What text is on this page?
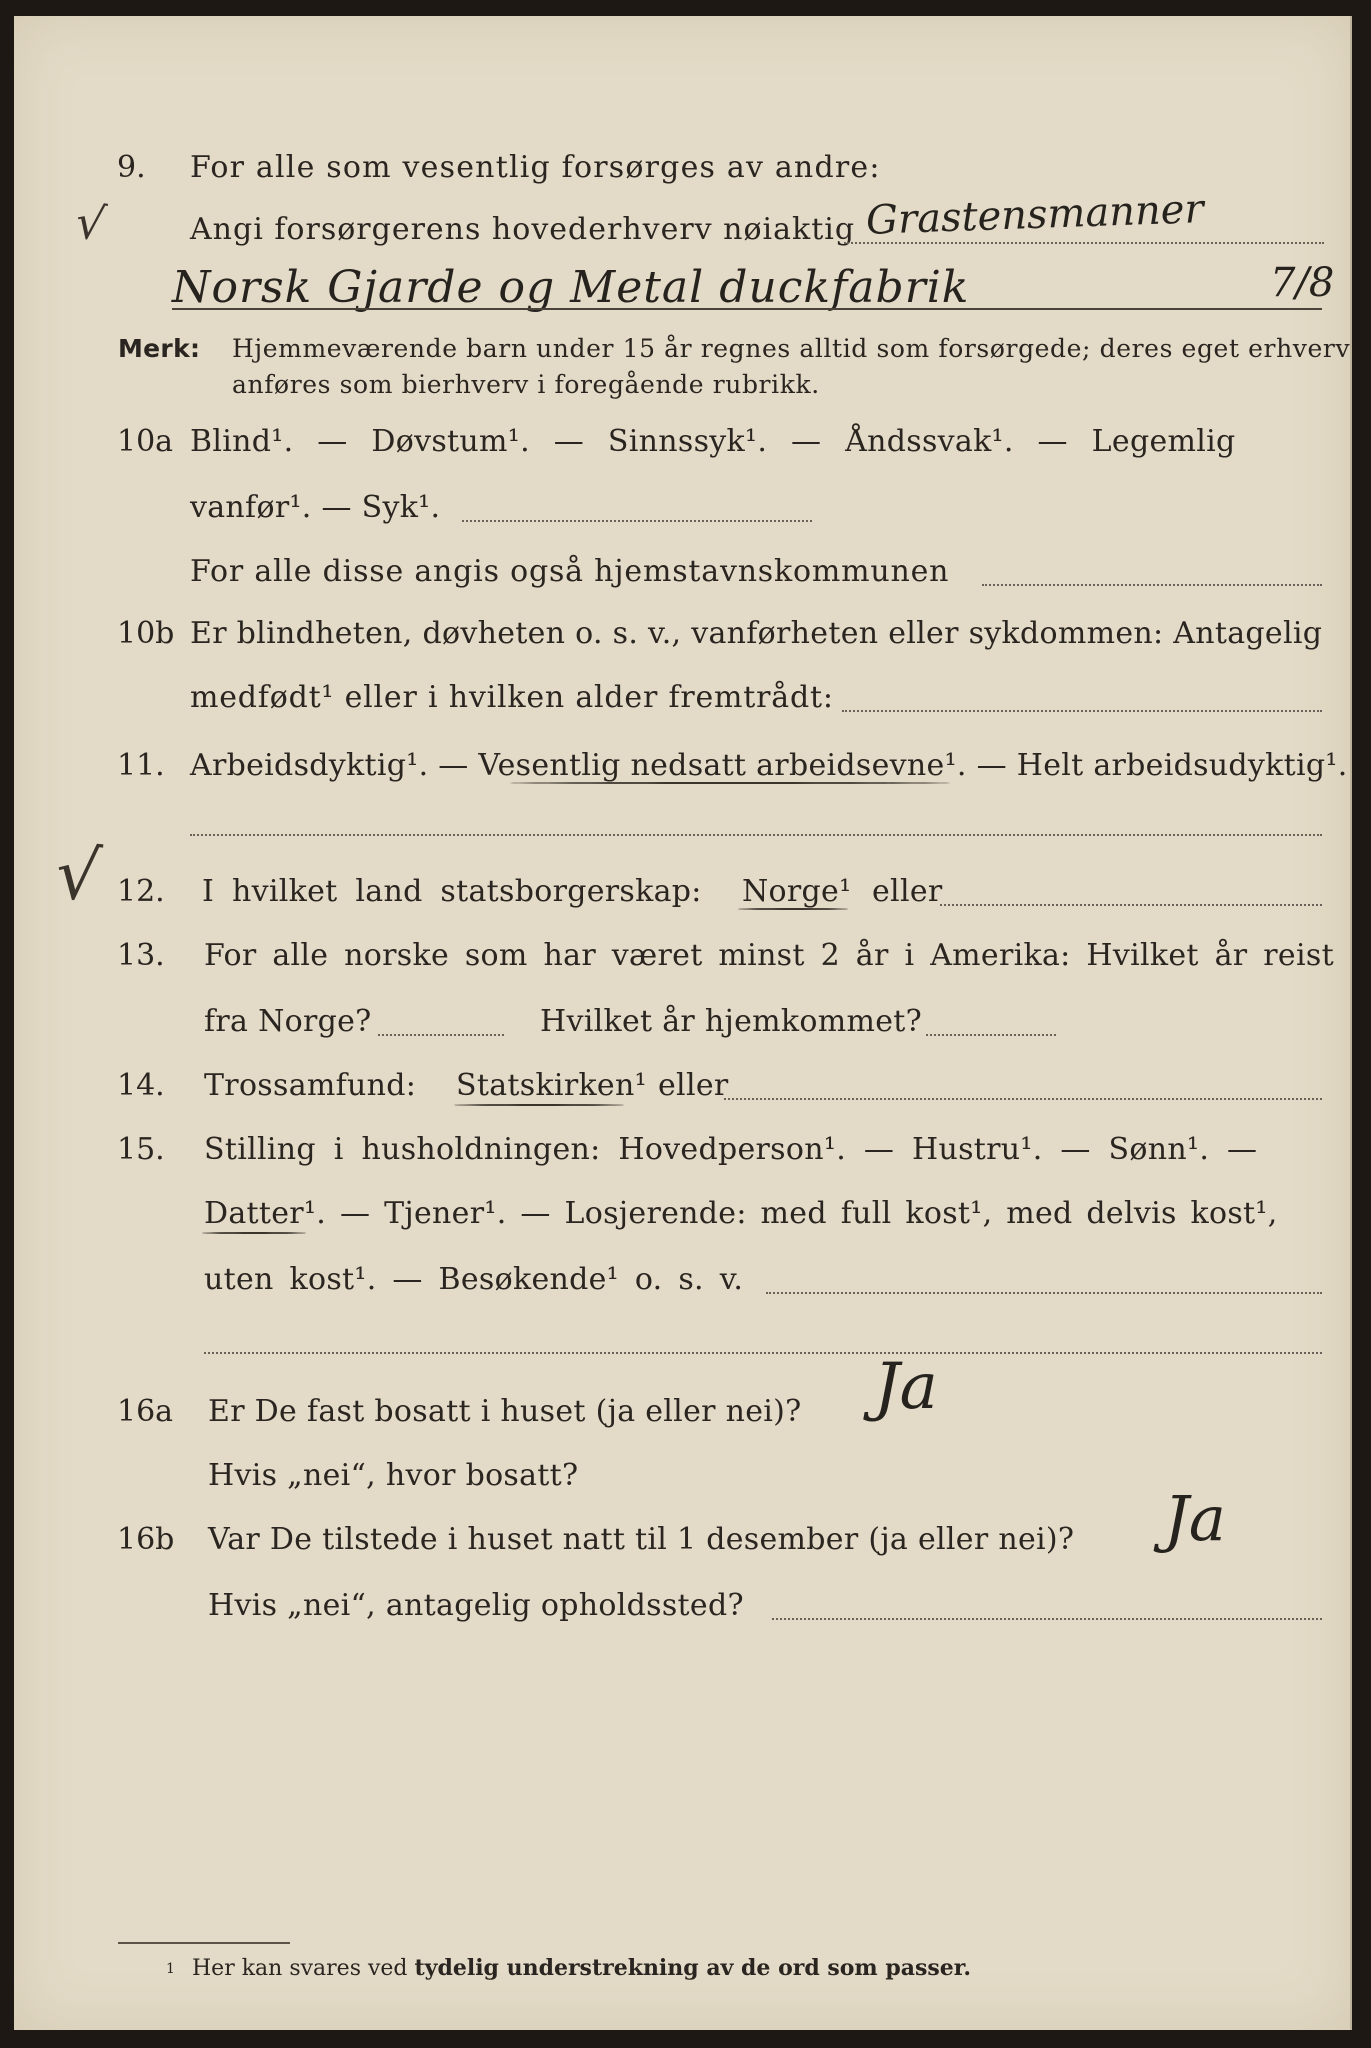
√
√
9.	For alle som vesentlig forsørges av andre:
Angi forsørgerens hovederhverv nøiaktig Grastensmanner
Norsk Gjarde og Metal duckfabrik	7/8
Merk: Hjemmeværende barn under 15 år regnes alltid som forsørgede; deres eget erhverv
anføres som bierhverv i foregående rubrikk.
10a Blind¹. — Døvstum¹. — Sinnssyk¹. — Åndssvak¹. — Legemlig
vanfør¹. — Syk¹.
For alle disse angis også hjemstavnskommunen
10b Er blindheten, døvheten o. s. v., vanførheten eller sykdommen: Antagelig
medfødt¹ eller i hvilken alder fremtrådt:
11. Arbeidsdyktig¹. — Vesentlig nedsatt arbeidsevne¹. — Helt arbeidsudyktig¹.
12.	I hvilket land statsborgerskap: Norge¹ eller
13.	For alle norske som har været minst 2 år i Amerika: Hvilket år reist
fra Norge?	Hvilket år hjemkommet?
14.	Trossamfund: Statskirken¹ eller
15.	Stilling i husholdningen: Hovedperson¹. — Hustru¹. — Sønn¹. —
Datter¹. — Tjener¹. — Losjerende: med full kost¹, med delvis kost¹,
uten kost¹. — Besøkende¹ o. s. v.
16a	Er De fast bosatt i huset (ja eller nei)? Ja
Hvis „nei“, hvor bosatt?
16b	Var De tilstede i huset natt til 1 desember (ja eller nei)? Ja
Hvis „nei“, antagelig opholdssted?
1 Her kan svares ved tydelig understrekning av de ord som passer.
